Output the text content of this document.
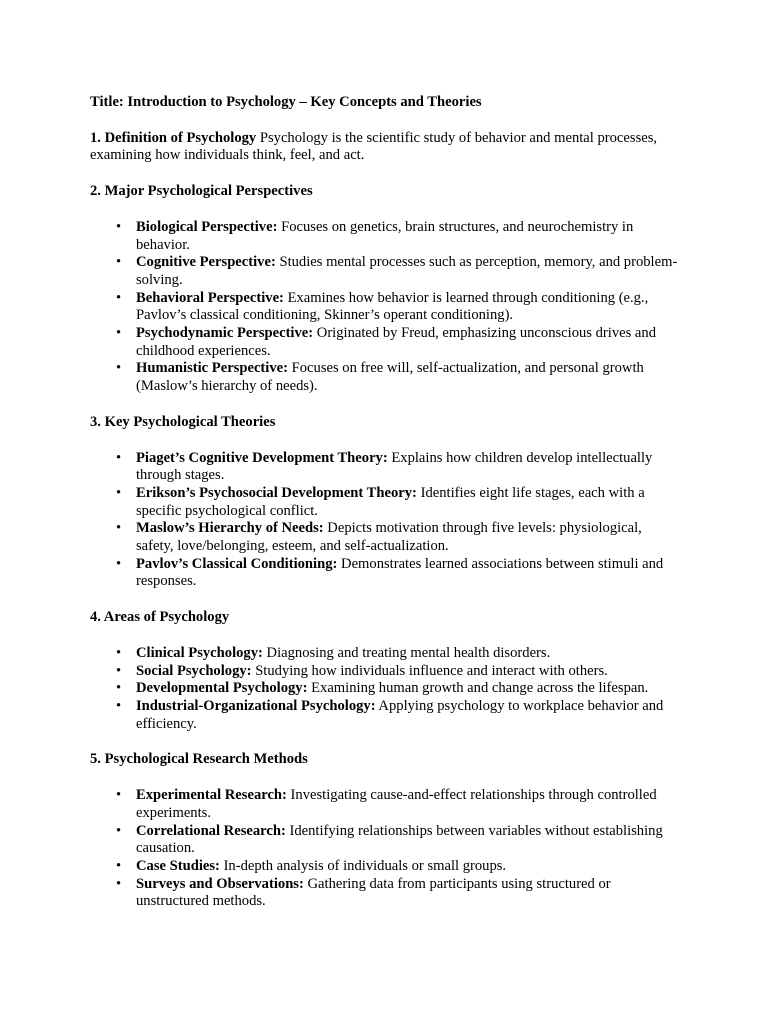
Title: Introduction to Psychology – Key Concepts and Theories

1. Definition of Psychology Psychology is the scientific study of behavior and mental processes, examining how individuals think, feel, and act.

2. Major Psychological Perspectives

• Biological Perspective: Focuses on genetics, brain structures, and neurochemistry in behavior.
• Cognitive Perspective: Studies mental processes such as perception, memory, and problem-solving.
• Behavioral Perspective: Examines how behavior is learned through conditioning (e.g., Pavlov’s classical conditioning, Skinner’s operant conditioning).
• Psychodynamic Perspective: Originated by Freud, emphasizing unconscious drives and childhood experiences.
• Humanistic Perspective: Focuses on free will, self-actualization, and personal growth (Maslow’s hierarchy of needs).

3. Key Psychological Theories

• Piaget’s Cognitive Development Theory: Explains how children develop intellectually through stages.
• Erikson’s Psychosocial Development Theory: Identifies eight life stages, each with a specific psychological conflict.
• Maslow’s Hierarchy of Needs: Depicts motivation through five levels: physiological, safety, love/belonging, esteem, and self-actualization.
• Pavlov’s Classical Conditioning: Demonstrates learned associations between stimuli and responses.

4. Areas of Psychology

• Clinical Psychology: Diagnosing and treating mental health disorders.
• Social Psychology: Studying how individuals influence and interact with others.
• Developmental Psychology: Examining human growth and change across the lifespan.
• Industrial-Organizational Psychology: Applying psychology to workplace behavior and efficiency.

5. Psychological Research Methods

• Experimental Research: Investigating cause-and-effect relationships through controlled experiments.
• Correlational Research: Identifying relationships between variables without establishing causation.
• Case Studies: In-depth analysis of individuals or small groups.
• Surveys and Observations: Gathering data from participants using structured or unstructured methods.
